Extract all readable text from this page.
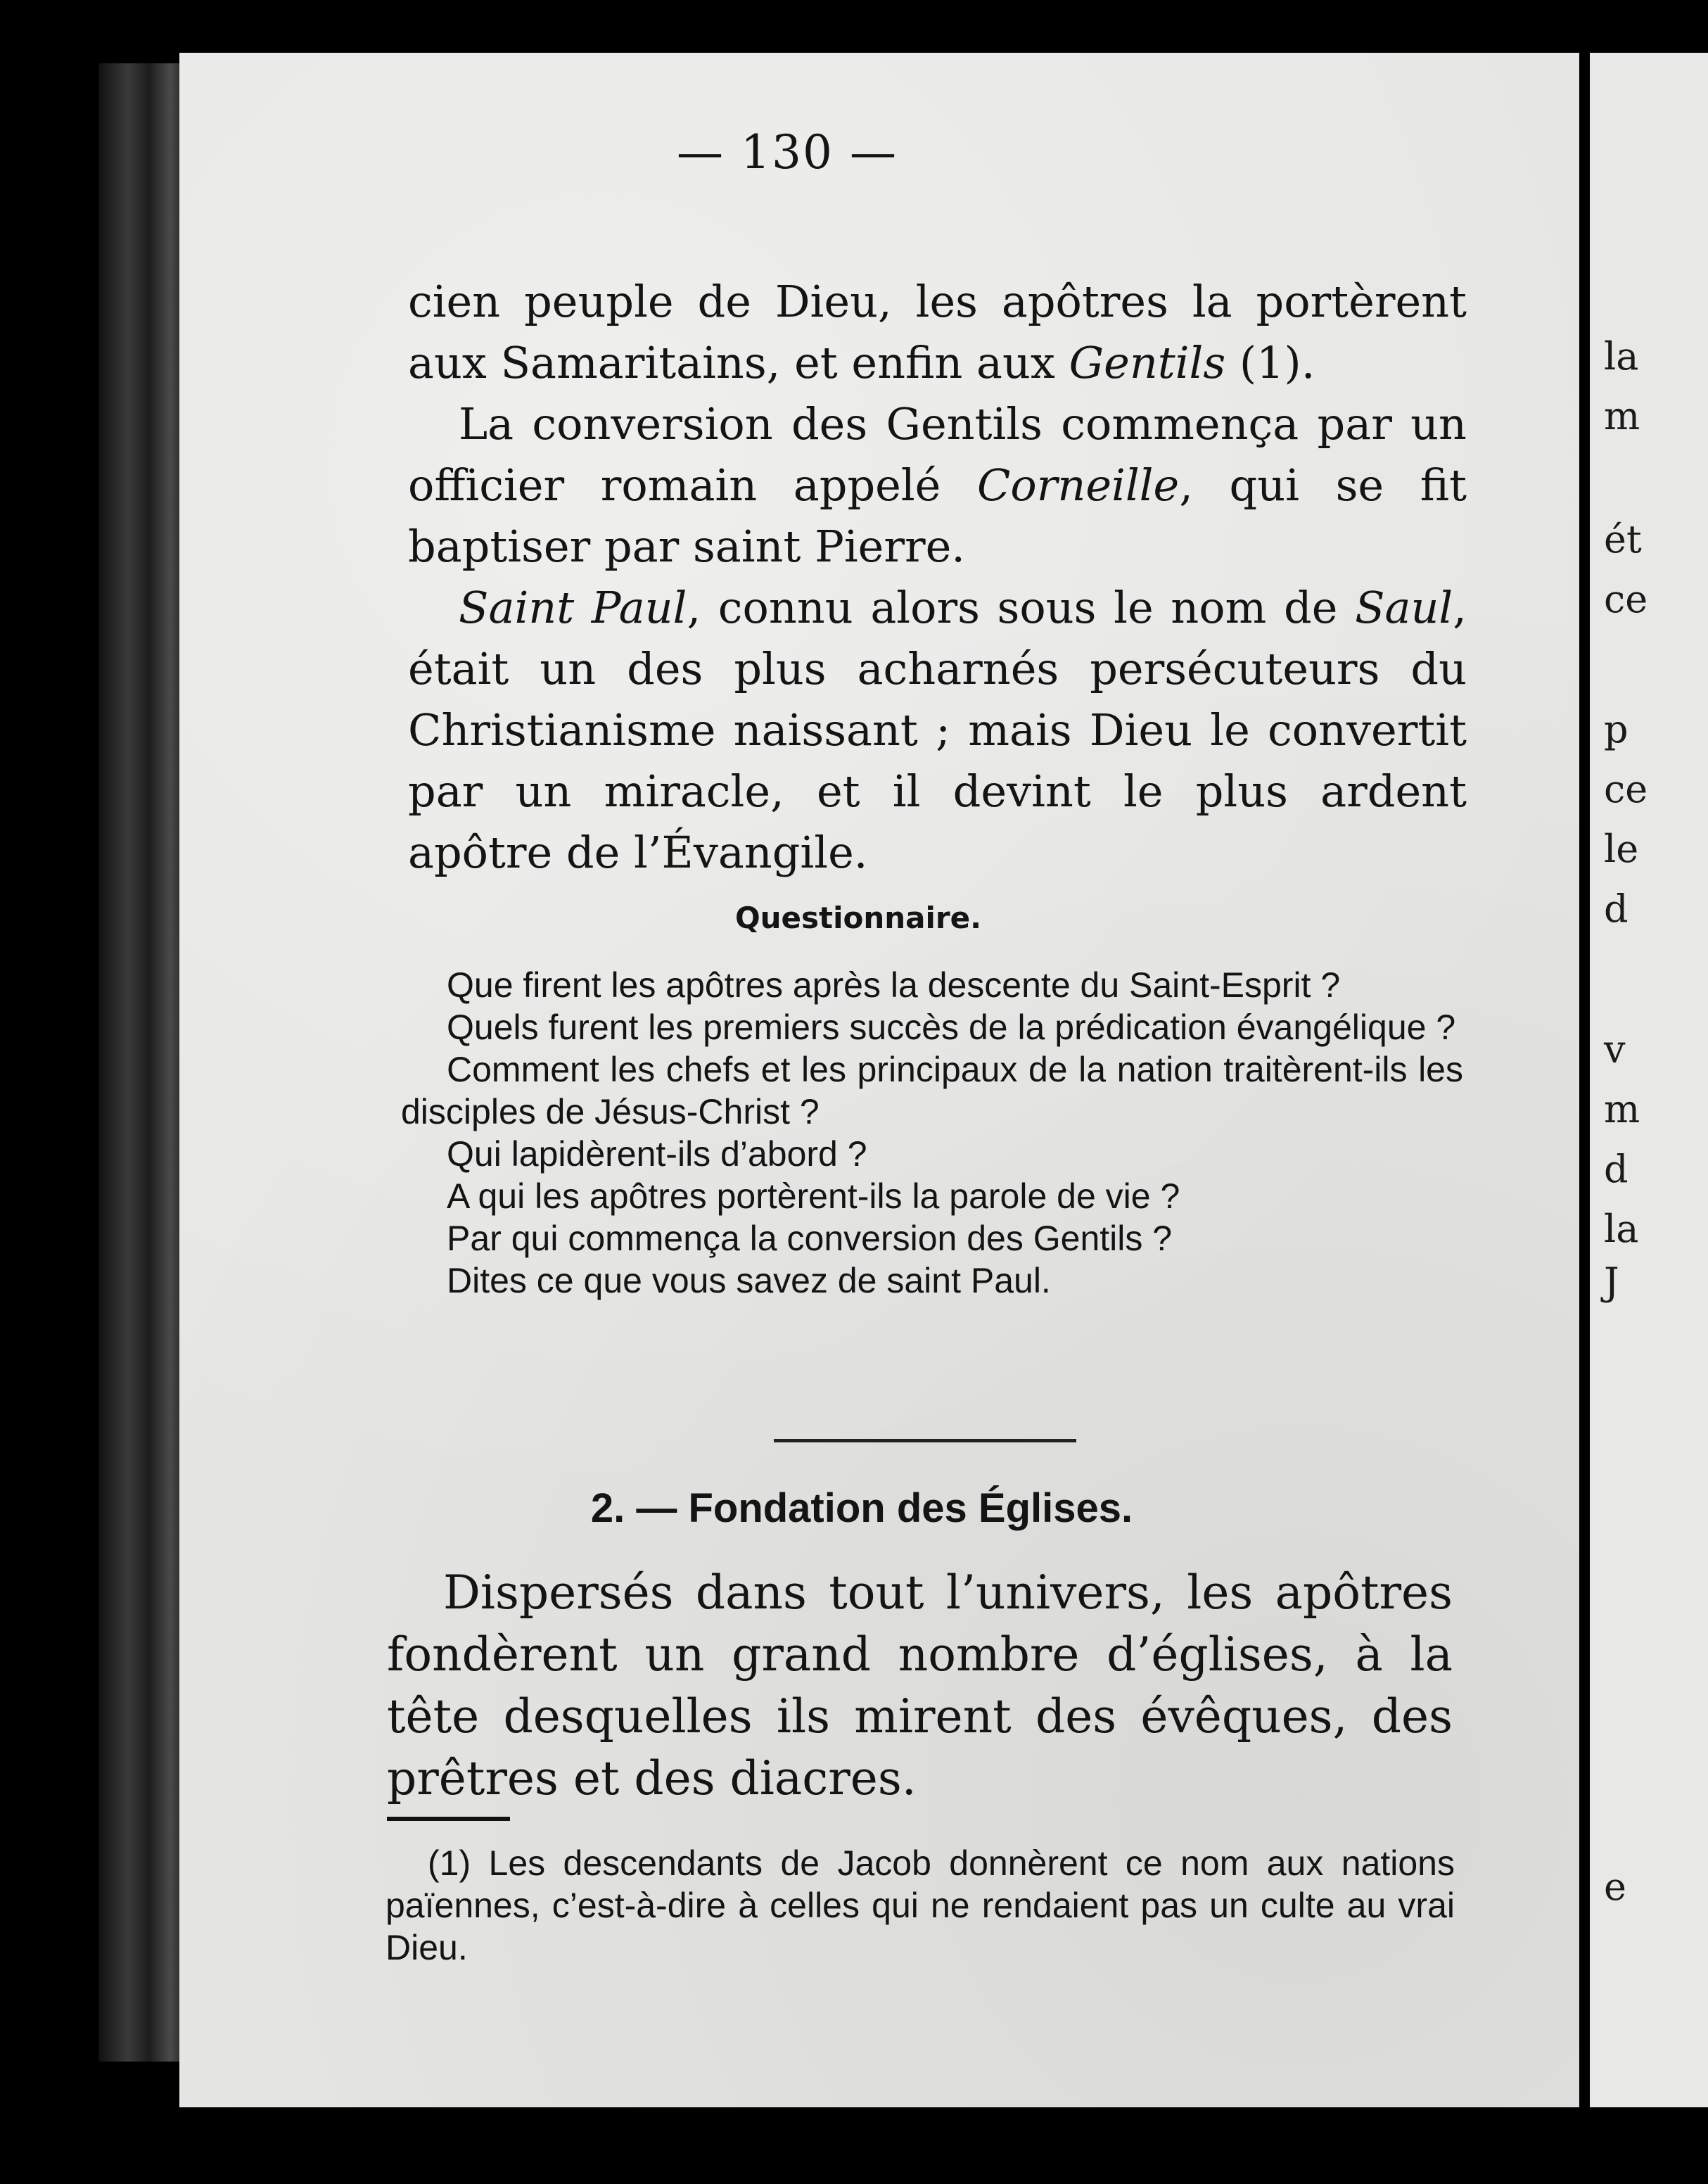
la
m
ét
ce
p
ce
le
d
v
m
d
la
J
e
— 130 —

cien peuple de Dieu, les apôtres la portèrent aux Samaritains, et enfin aux Gentils (1).

La conversion des Gentils commença par un officier romain appelé Corneille, qui se fit baptiser par saint Pierre.

Saint Paul, connu alors sous le nom de Saul, était un des plus acharnés persécuteurs du Christianisme naissant ; mais Dieu le convertit par un miracle, et il devint le plus ardent apôtre de l’Évangile.

Questionnaire.

Que firent les apôtres après la descente du Saint-Esprit ?

Quels furent les premiers succès de la prédication évangélique ?

Comment les chefs et les principaux de la nation traitèrent-ils les disciples de Jésus-Christ ?

Qui lapidèrent-ils d’abord ?

A qui les apôtres portèrent-ils la parole de vie ?

Par qui commença la conversion des Gentils ?

Dites ce que vous savez de saint Paul.

2. — Fondation des Églises.

Dispersés dans tout l’univers, les apôtres fondèrent un grand nombre d’églises, à la tête desquelles ils mirent des évêques, des prêtres et des diacres.

(1) Les descendants de Jacob donnèrent ce nom aux nations païennes, c’est-à-dire à celles qui ne rendaient pas un culte au vrai Dieu.
